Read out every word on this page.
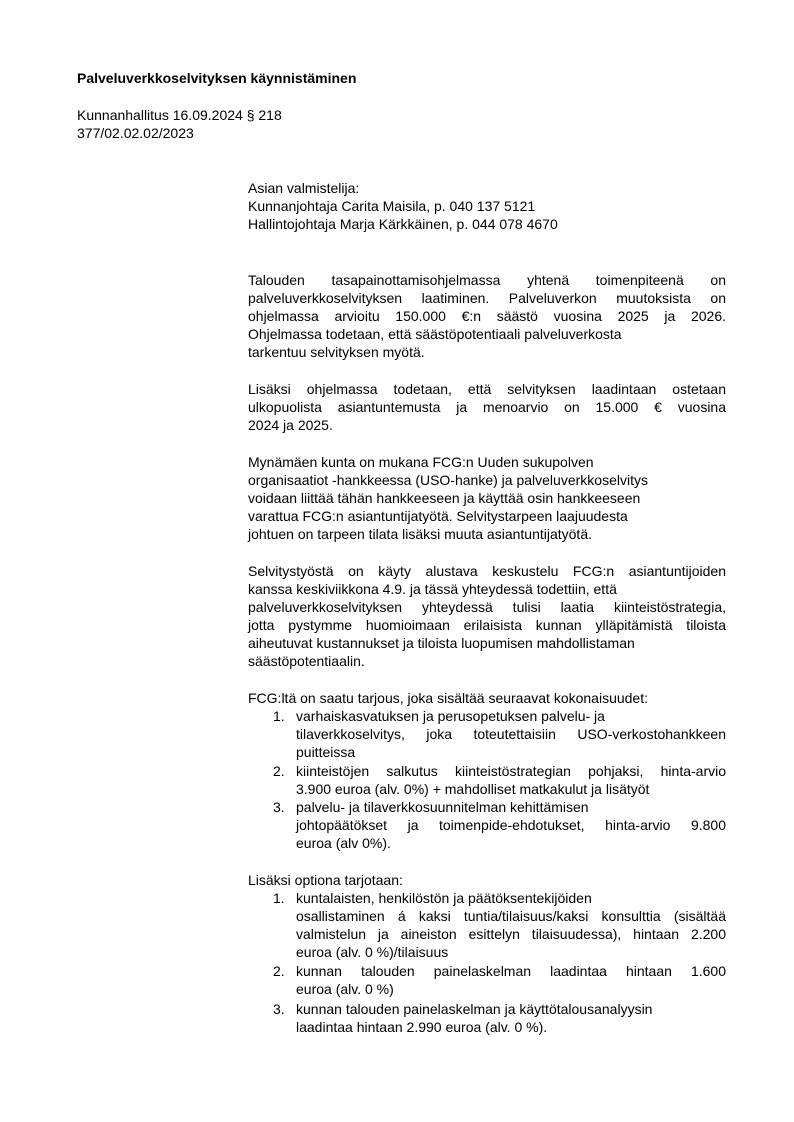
Palveluverkkoselvityksen käynnistäminen
Kunnanhallitus 16.09.2024 § 218
377/02.02.02/2023
Asian valmistelija:
Kunnanjohtaja Carita Maisila, p. 040 137 5121
Hallintojohtaja Marja Kärkkäinen, p. 044 078 4670
Talouden tasapainottamisohjelmassa yhtenä toimenpiteenä on
palveluverkkoselvityksen laatiminen. Palveluverkon muutoksista on
ohjelmassa arvioitu 150.000 €:n säästö vuosina 2025 ja 2026.
Ohjelmassa todetaan, että säästöpotentiaali palveluverkosta
tarkentuu selvityksen myötä.
Lisäksi ohjelmassa todetaan, että selvityksen laadintaan ostetaan
ulkopuolista asiantuntemusta ja menoarvio on 15.000 € vuosina
2024 ja 2025.
Mynämäen kunta on mukana FCG:n Uuden sukupolven
organisaatiot -hankkeessa (USO-hanke) ja palveluverkkoselvitys
voidaan liittää tähän hankkeeseen ja käyttää osin hankkeeseen
varattua FCG:n asiantuntijatyötä. Selvitystarpeen laajuudesta
johtuen on tarpeen tilata lisäksi muuta asiantuntijatyötä.
Selvitystyöstä on käyty alustava keskustelu FCG:n asiantuntijoiden
kanssa keskiviikkona 4.9. ja tässä yhteydessä todettiin, että
palveluverkkoselvityksen yhteydessä tulisi laatia kiinteistöstrategia,
jotta pystymme huomioimaan erilaisista kunnan ylläpitämistä tiloista
aiheutuvat kustannukset ja tiloista luopumisen mahdollistaman
säästöpotentiaalin.
FCG:ltä on saatu tarjous, joka sisältää seuraavat kokonaisuudet:
1. varhaiskasvatuksen ja perusopetuksen palvelu- ja
tilaverkkoselvitys, joka toteutettaisiin USO-verkostohankkeen
puitteissa
2. kiinteistöjen salkutus kiinteistöstrategian pohjaksi, hinta-arvio
3.900 euroa (alv. 0%) + mahdolliset matkakulut ja lisätyöt
3. palvelu- ja tilaverkkosuunnitelman kehittämisen
johtopäätökset ja toimenpide-ehdotukset, hinta-arvio 9.800
euroa (alv 0%).
Lisäksi optiona tarjotaan:
1. kuntalaisten, henkilöstön ja päätöksentekijöiden
osallistaminen á kaksi tuntia/tilaisuus/kaksi konsulttia (sisältää
valmistelun ja aineiston esittelyn tilaisuudessa), hintaan 2.200
euroa (alv. 0 %)/tilaisuus
2. kunnan talouden painelaskelman laadintaa hintaan 1.600
euroa (alv. 0 %)
3. kunnan talouden painelaskelman ja käyttötalousanalyysin
laadintaa hintaan 2.990 euroa (alv. 0 %).
